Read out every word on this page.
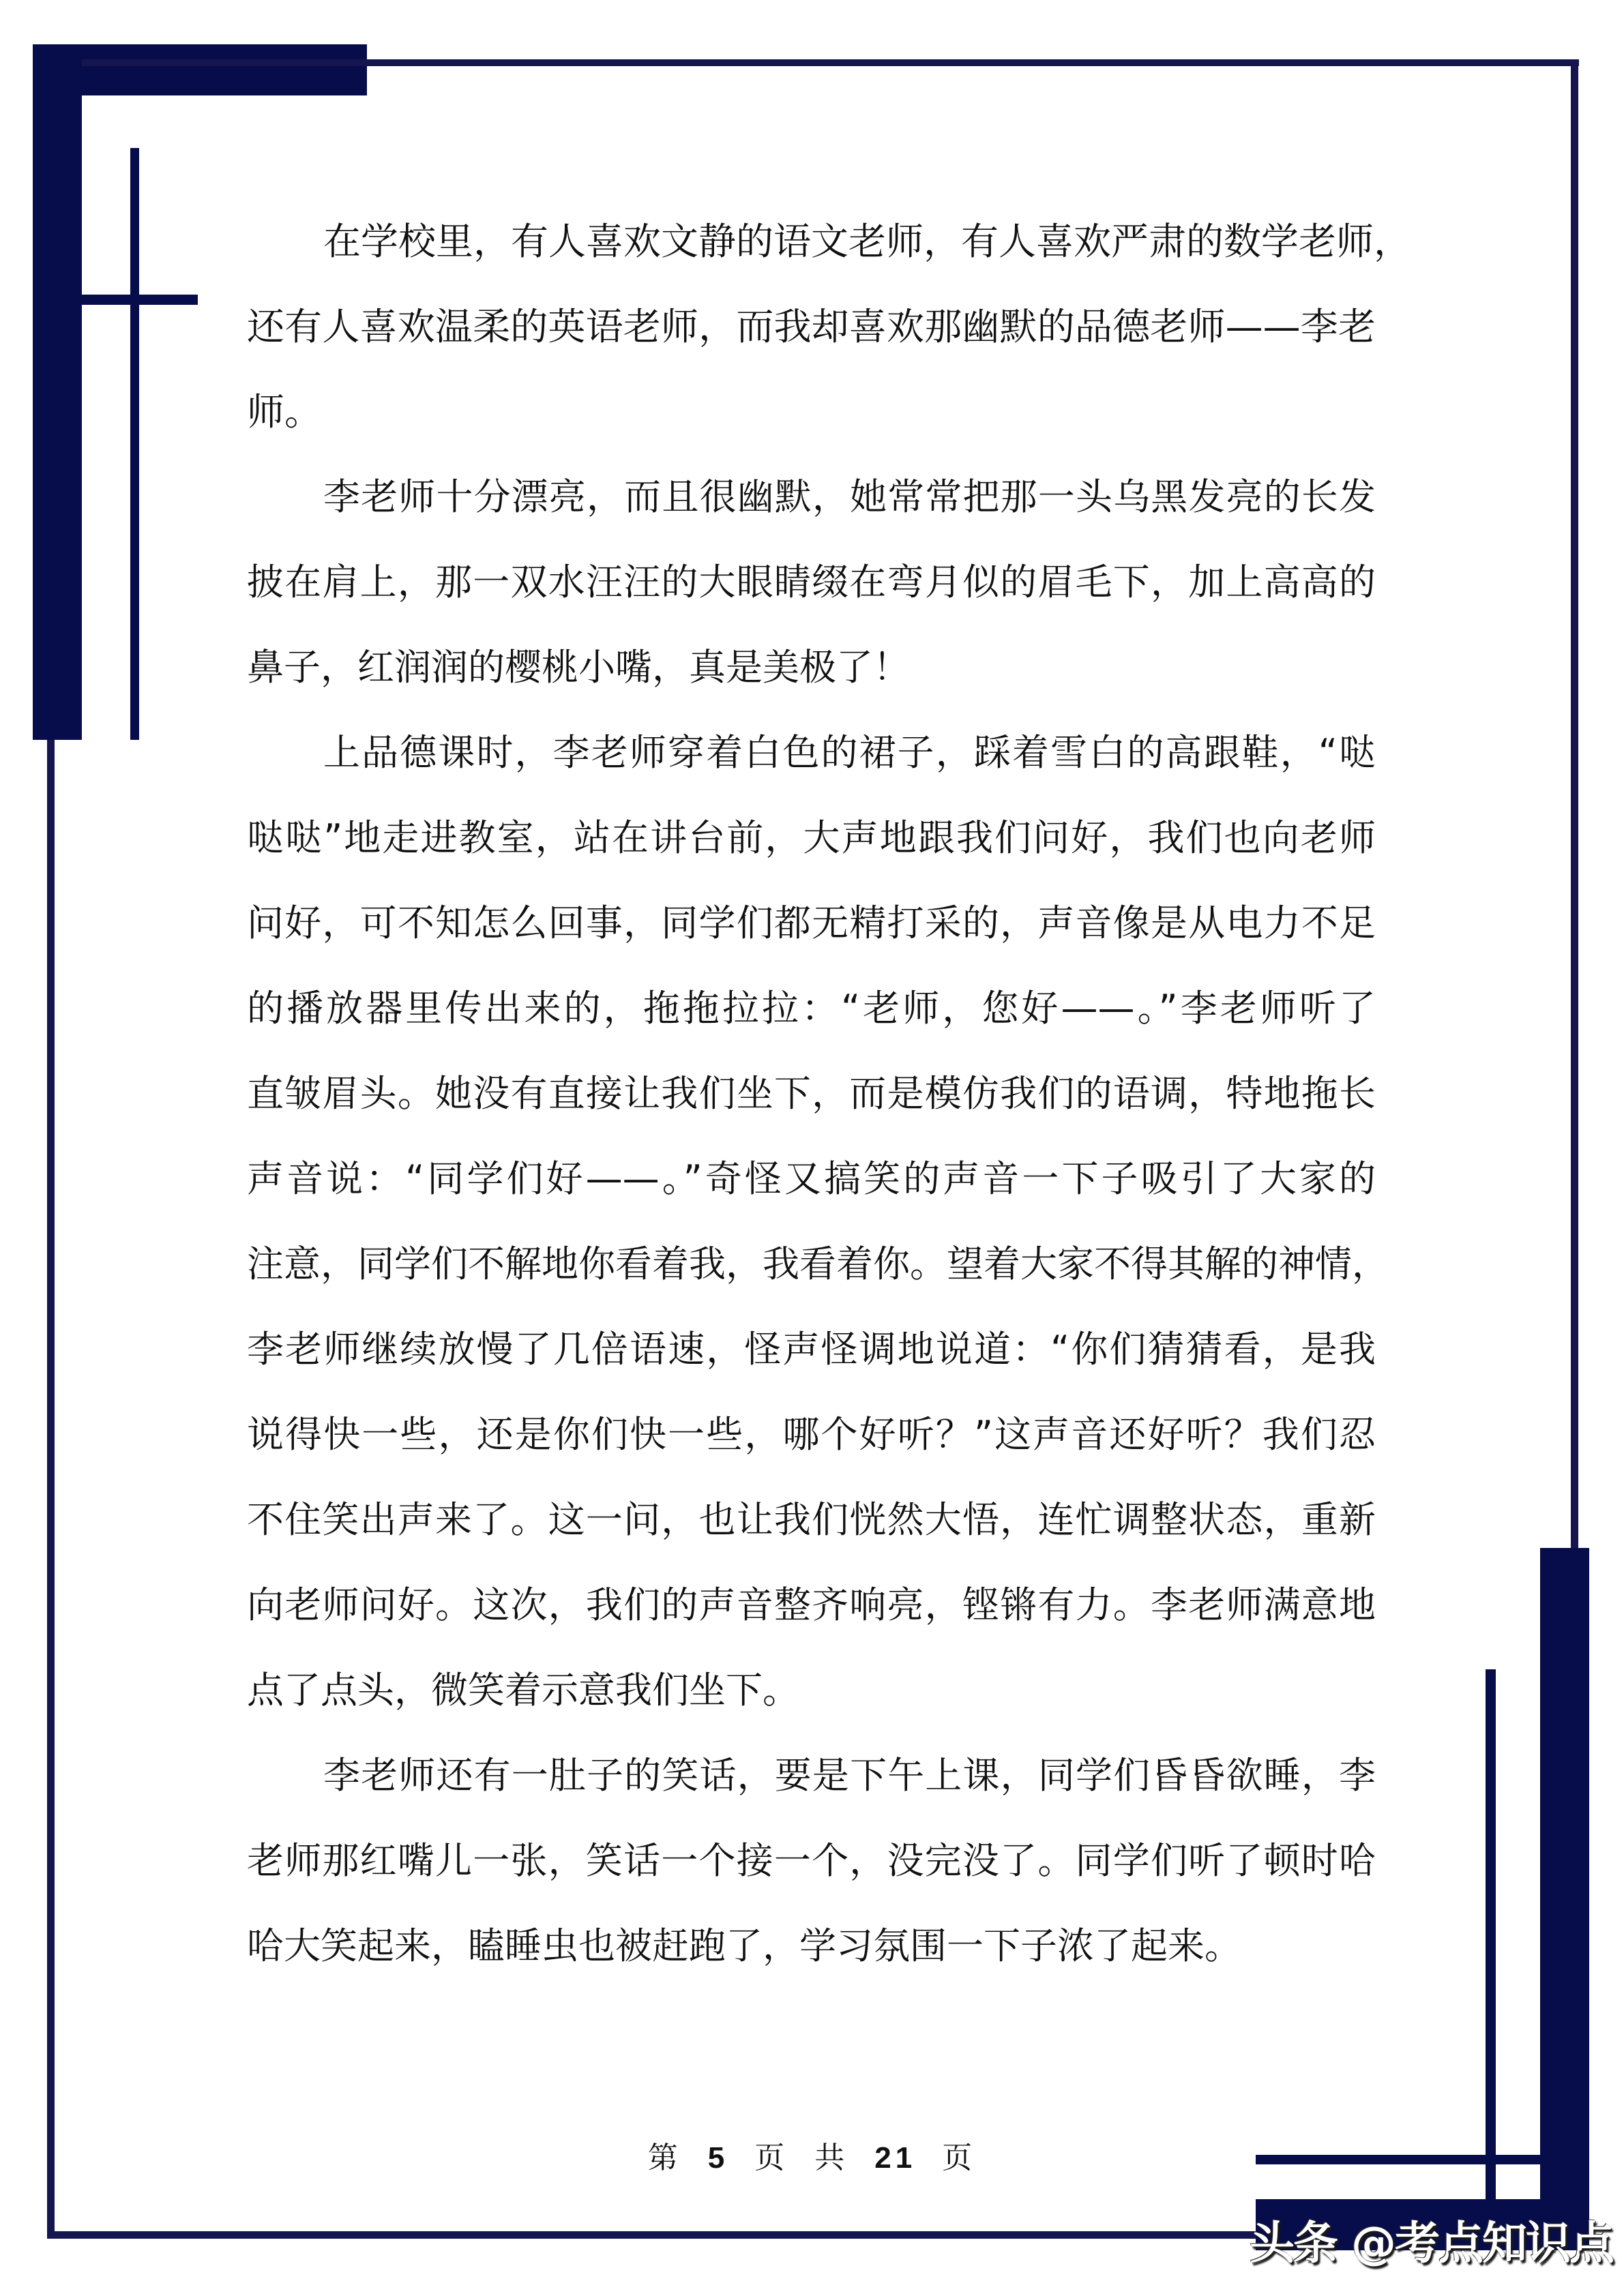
在学校里，有人喜欢文静的语文老师，有人喜欢严肃的数学老师，
还有人喜欢温柔的英语老师，而我却喜欢那幽默的品德老师——李老
师。
李老师十分漂亮，而且很幽默，她常常把那一头乌黑发亮的长发
披在肩上，那一双水汪汪的大眼睛缀在弯月似的眉毛下，加上高高的
鼻子，红润润的樱桃小嘴，真是美极了！
上品德课时，李老师穿着白色的裙子，踩着雪白的高跟鞋，“哒
哒哒”地走进教室，站在讲台前，大声地跟我们问好，我们也向老师
问好，可不知怎么回事，同学们都无精打采的，声音像是从电力不足
的播放器里传出来的，拖拖拉拉：“老师，您好——。”李老师听了
直皱眉头。她没有直接让我们坐下，而是模仿我们的语调，特地拖长
声音说：“同学们好——。”奇怪又搞笑的声音一下子吸引了大家的
注意，同学们不解地你看着我，我看着你。望着大家不得其解的神情，
李老师继续放慢了几倍语速，怪声怪调地说道：“你们猜猜看，是我
说得快一些，还是你们快一些，哪个好听？”这声音还好听？我们忍
不住笑出声来了。这一问，也让我们恍然大悟，连忙调整状态，重新
向老师问好。这次，我们的声音整齐响亮，铿锵有力。李老师满意地
点了点头，微笑着示意我们坐下。
李老师还有一肚子的笑话，要是下午上课，同学们昏昏欲睡，李
老师那红嘴儿一张，笑话一个接一个，没完没了。同学们听了顿时哈
哈大笑起来，瞌睡虫也被赶跑了，学习氛围一下子浓了起来。
第 5 页 共 21 页
头条 @考点知识点
